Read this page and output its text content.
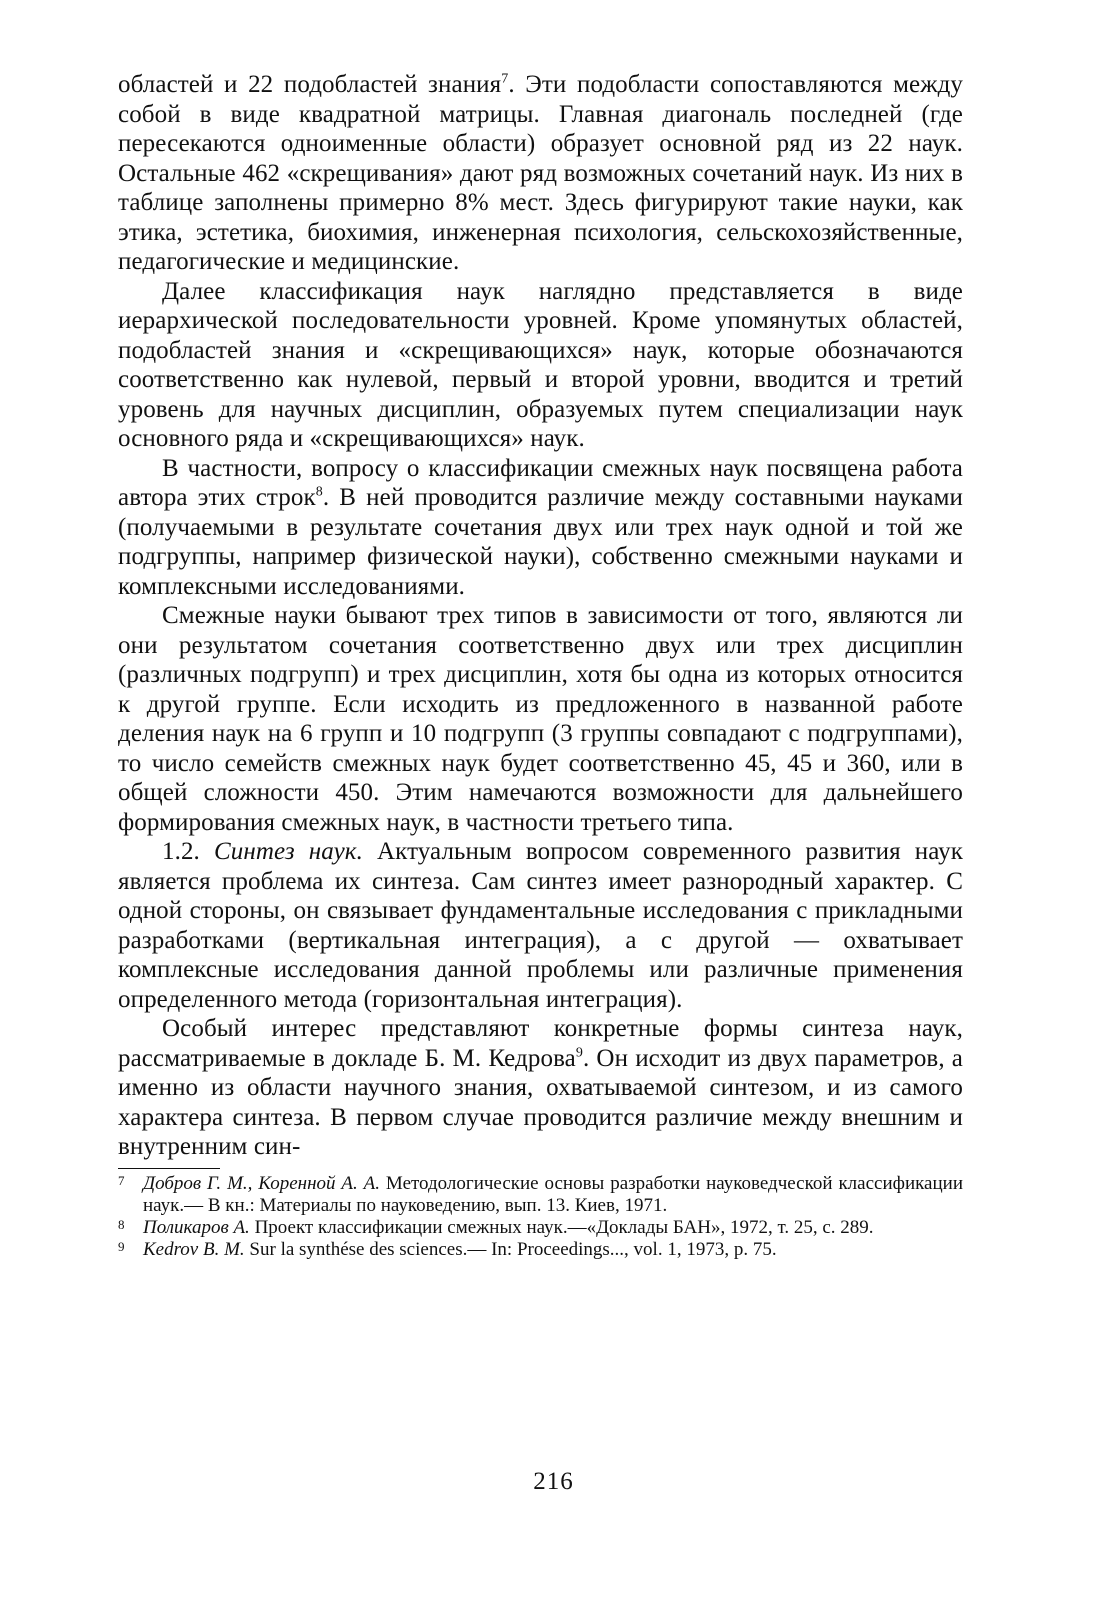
областей и 22 подобластей знания$^7$. Эти подобласти сопоставляются между собой в виде квадратной матрицы. Главная диагональ последней (где пересекаются одноименные области) образует основной ряд из 22 наук. Остальные 462 «скрещивания» дают ряд возможных сочетаний наук. Из них в таблице заполнены примерно 8% мест. Здесь фигурируют такие науки, как этика, эстетика, биохимия, инженерная психология, сельскохозяйственные, педагогические и медицинские.

Далее классификация наук наглядно представляется в виде иерархической последовательности уровней. Кроме упомянутых областей, подобластей знания и «скрещивающихся» наук, которые обозначаются соответственно как нулевой, первый и второй уровни, вводится и третий уровень для научных дисциплин, образуемых путем специализации наук основного ряда и «скрещивающихся» наук.

В частности, вопросу о классификации смежных наук посвящена работа автора этих строк$^8$. В ней проводится различие между составными науками (получаемыми в результате сочетания двух или трех наук одной и той же подгруппы, например физической науки), собственно смежными науками и комплексными исследованиями.

Смежные науки бывают трех типов в зависимости от того, являются ли они результатом сочетания соответственно двух или трех дисциплин (различных подгрупп) и трех дисциплин, хотя бы одна из которых относится к другой группе. Если исходить из предложенного в названной работе деления наук на 6 групп и 10 подгрупп (3 группы совпадают с подгруппами), то число семейств смежных наук будет соответственно 45, 45 и 360, или в общей сложности 450. Этим намечаются возможности для дальнейшего формирования смежных наук, в частности третьего типа.

1.2. Синтез наук. Актуальным вопросом современного развития наук является проблема их синтеза. Сам синтез имеет разнородный характер. С одной стороны, он связывает фундаментальные исследования с прикладными разработками (вертикальная интеграция), а с другой — охватывает комплексные исследования данной проблемы или различные применения определенного метода (горизонтальная интеграция).

Особый интерес представляют конкретные формы синтеза наук, рассматриваемые в докладе Б. М. Кедрова$^9$. Он исходит из двух параметров, а именно из области научного знания, охватываемой синтезом, и из самого характера синтеза. В первом случае проводится различие между внешним и внутренним син-

7 Добров Г. М., Коренной А. А. Методологические основы разработки науковедческой классификации наук.— В кн.: Материалы по науковедению, вып. 13. Киев, 1971.
8 Поликаров А. Проект классификации смежных наук.—«Доклады БАН», 1972, т. 25, с. 289.
9 Kedrov B. M. Sur la synthése des sciences.— In: Proceedings..., vol. 1, 1973, p. 75.
216
